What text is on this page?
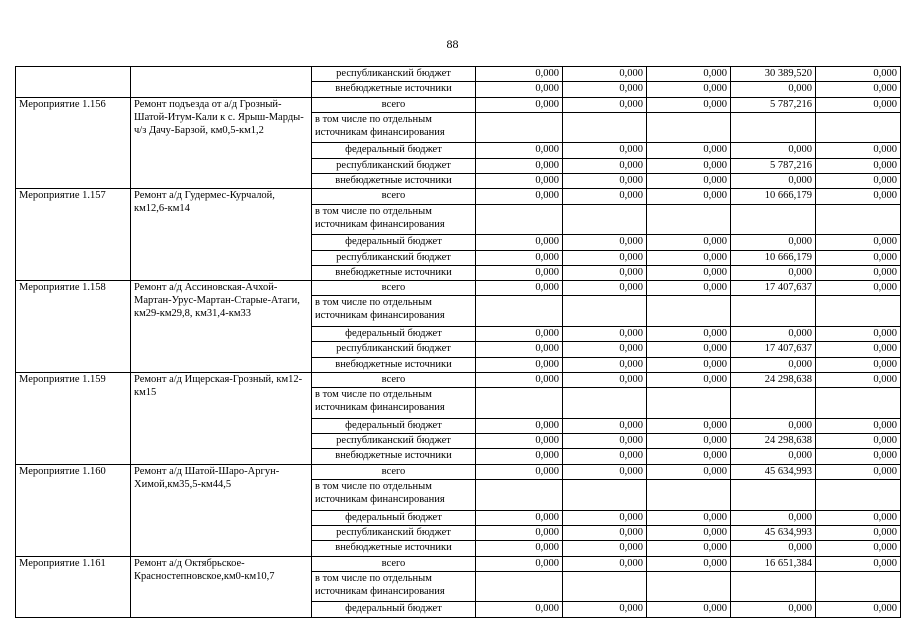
88
		республиканский бюджет	0,000	0,000	0,000	30 389,520	0,000
		внебюджетные источники	0,000	0,000	0,000	0,000	0,000
Мероприятие 1.156	Ремонт подъезда от а/д Грозный-Шатой-Итум-Кали к с. Ярыш-Марды-ч/з Дачу-Барзой, км0,5-км1,2	всего	0,000	0,000	0,000	5 787,216	0,000
		в том числе по отдельным источникам финансирования					
		федеральный бюджет	0,000	0,000	0,000	0,000	0,000
		республиканский бюджет	0,000	0,000	0,000	5 787,216	0,000
		внебюджетные источники	0,000	0,000	0,000	0,000	0,000
Мероприятие 1.157	Ремонт а/д Гудермес-Курчалой, км12,6-км14	всего	0,000	0,000	0,000	10 666,179	0,000
		в том числе по отдельным источникам финансирования					
		федеральный бюджет	0,000	0,000	0,000	0,000	0,000
		республиканский бюджет	0,000	0,000	0,000	10 666,179	0,000
		внебюджетные источники	0,000	0,000	0,000	0,000	0,000
Мероприятие 1.158	Ремонт а/д Ассиновская-Ачхой-Мартан-Урус-Мартан-Старые-Атаги, км29-км29,8, км31,4-км33	всего	0,000	0,000	0,000	17 407,637	0,000
		в том числе по отдельным источникам финансирования					
		федеральный бюджет	0,000	0,000	0,000	0,000	0,000
		республиканский бюджет	0,000	0,000	0,000	17 407,637	0,000
		внебюджетные источники	0,000	0,000	0,000	0,000	0,000
Мероприятие 1.159	Ремонт а/д Ищерская-Грозный, км12-км15	всего	0,000	0,000	0,000	24 298,638	0,000
		в том числе по отдельным источникам финансирования					
		федеральный бюджет	0,000	0,000	0,000	0,000	0,000
		республиканский бюджет	0,000	0,000	0,000	24 298,638	0,000
		внебюджетные источники	0,000	0,000	0,000	0,000	0,000
Мероприятие 1.160	Ремонт а/д Шатой-Шаро-Аргун-Химой,км35,5-км44,5	всего	0,000	0,000	0,000	45 634,993	0,000
		в том числе по отдельным источникам финансирования					
		федеральный бюджет	0,000	0,000	0,000	0,000	0,000
		республиканский бюджет	0,000	0,000	0,000	45 634,993	0,000
		внебюджетные источники	0,000	0,000	0,000	0,000	0,000
Мероприятие 1.161	Ремонт а/д Октябрьское-Красностепновское,км0-км10,7	всего	0,000	0,000	0,000	16 651,384	0,000
		в том числе по отдельным источникам финансирования					
		федеральный бюджет	0,000	0,000	0,000	0,000	0,000
